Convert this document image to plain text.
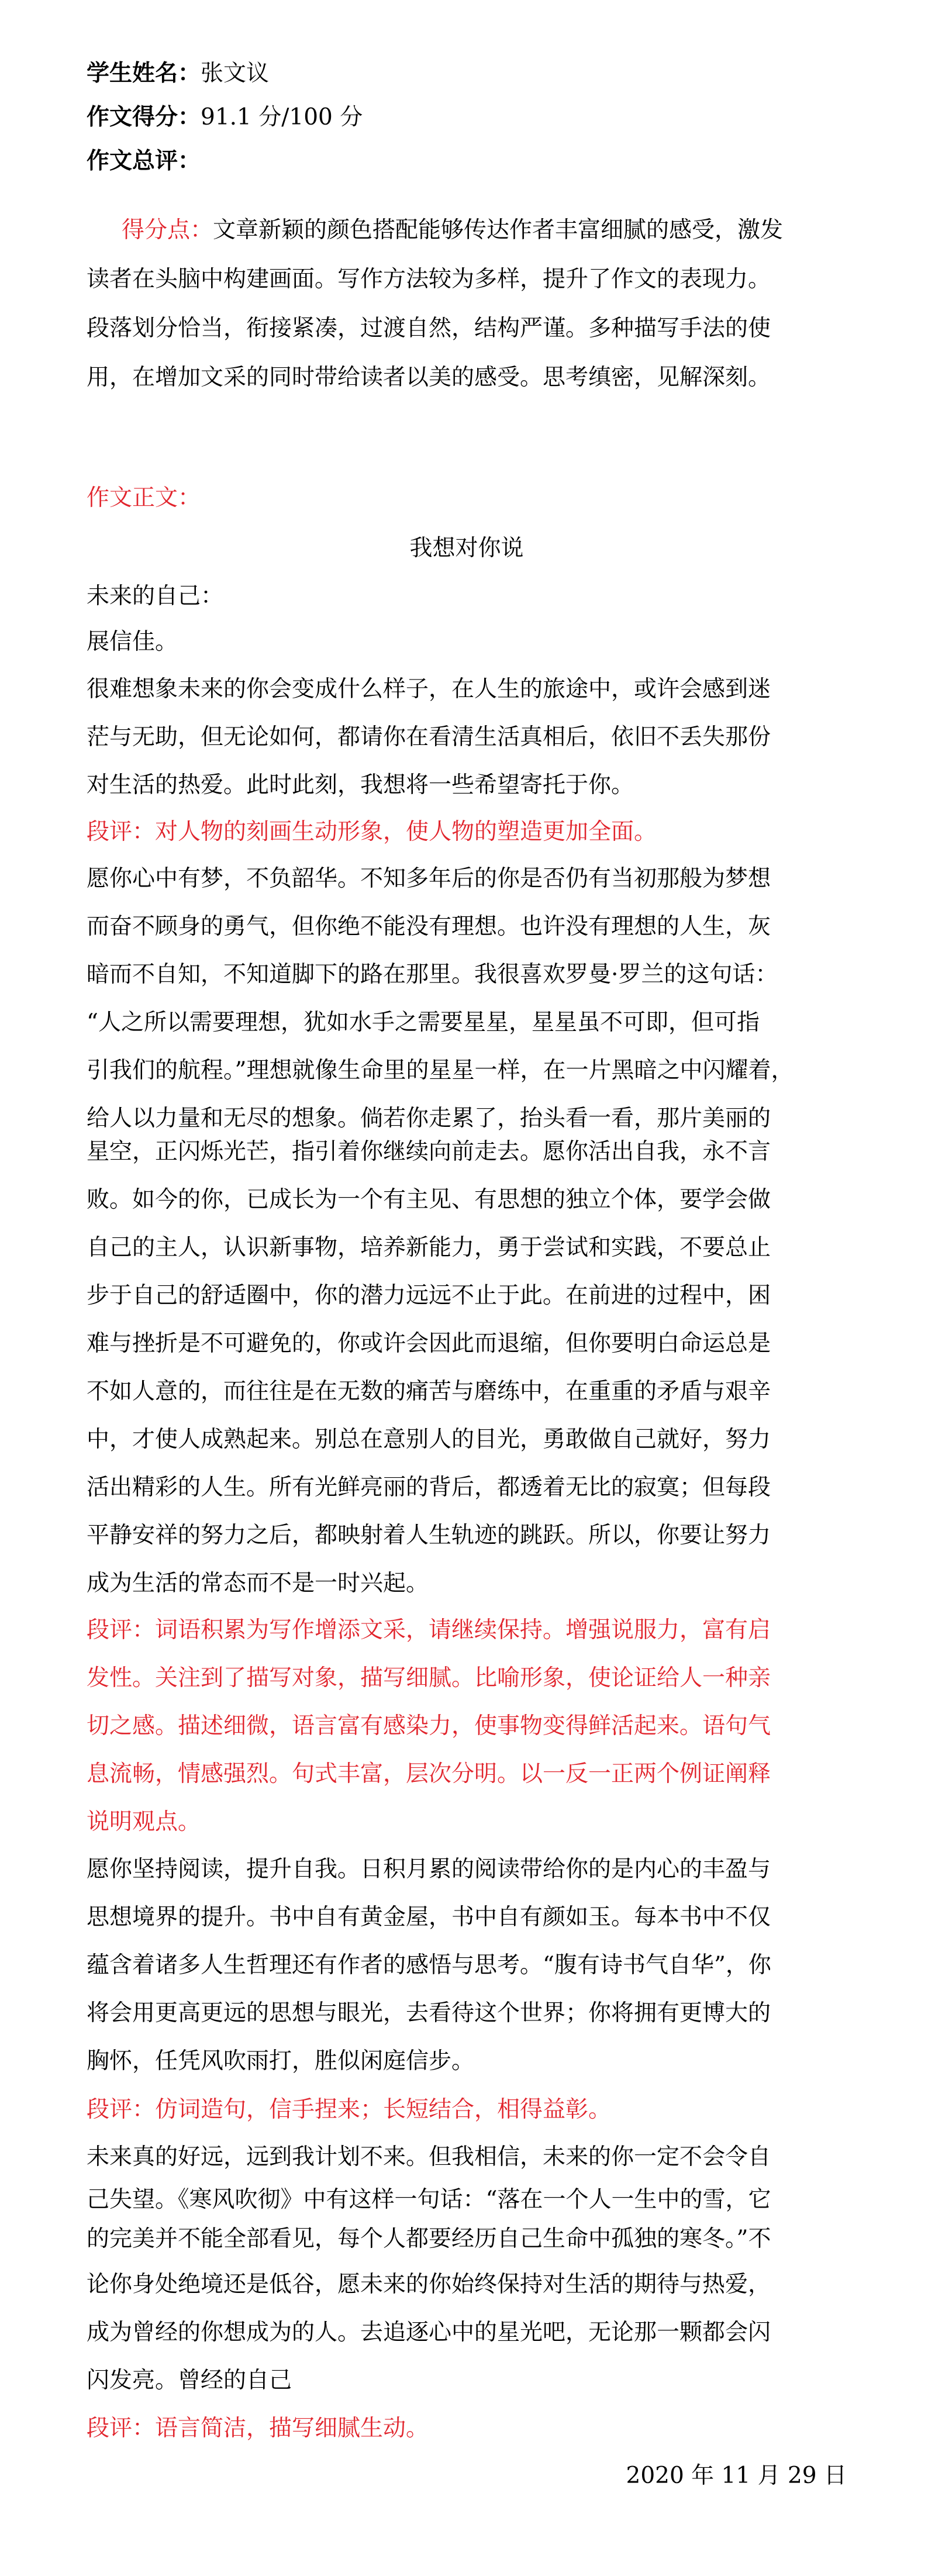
学生姓名：张文议
作文得分：91.1 分/100 分
作文总评：
得分点：文章新颖的颜色搭配能够传达作者丰富细腻的感受，激发
读者在头脑中构建画面。写作方法较为多样，提升了作文的表现力。
段落划分恰当，衔接紧凑，过渡自然，结构严谨。多种描写手法的使
用，在增加文采的同时带给读者以美的感受。思考缜密，见解深刻。
作文正文：
我想对你说
未来的自己：
展信佳。
很难想象未来的你会变成什么样子，在人生的旅途中，或许会感到迷
茫与无助，但无论如何，都请你在看清生活真相后，依旧不丢失那份
对生活的热爱。此时此刻，我想将一些希望寄托于你。
段评：对人物的刻画生动形象，使人物的塑造更加全面。
愿你心中有梦，不负韶华。不知多年后的你是否仍有当初那般为梦想
而奋不顾身的勇气，但你绝不能没有理想。也许没有理想的人生，灰
暗而不自知，不知道脚下的路在那里。我很喜欢罗曼·罗兰的这句话：
“人之所以需要理想，犹如水手之需要星星，星星虽不可即，但可指
引我们的航程。”理想就像生命里的星星一样，在一片黑暗之中闪耀着，
给人以力量和无尽的想象。倘若你走累了，抬头看一看，那片美丽的
星空，正闪烁光芒，指引着你继续向前走去。愿你活出自我，永不言
败。如今的你，已成长为一个有主见、有思想的独立个体，要学会做
自己的主人，认识新事物，培养新能力，勇于尝试和实践，不要总止
步于自己的舒适圈中，你的潜力远远不止于此。在前进的过程中，困
难与挫折是不可避免的，你或许会因此而退缩，但你要明白命运总是
不如人意的，而往往是在无数的痛苦与磨练中，在重重的矛盾与艰辛
中，才使人成熟起来。别总在意别人的目光，勇敢做自己就好，努力
活出精彩的人生。所有光鲜亮丽的背后，都透着无比的寂寞；但每段
平静安祥的努力之后，都映射着人生轨迹的跳跃。所以，你要让努力
成为生活的常态而不是一时兴起。
段评：词语积累为写作增添文采，请继续保持。增强说服力，富有启
发性。关注到了描写对象，描写细腻。比喻形象，使论证给人一种亲
切之感。描述细微，语言富有感染力，使事物变得鲜活起来。语句气
息流畅，情感强烈。句式丰富，层次分明。以一反一正两个例证阐释
说明观点。
愿你坚持阅读，提升自我。日积月累的阅读带给你的是内心的丰盈与
思想境界的提升。书中自有黄金屋，书中自有颜如玉。每本书中不仅
蕴含着诸多人生哲理还有作者的感悟与思考。“腹有诗书气自华”，你
将会用更高更远的思想与眼光，去看待这个世界；你将拥有更博大的
胸怀，任凭风吹雨打，胜似闲庭信步。
段评：仿词造句，信手捏来；长短结合，相得益彰。
未来真的好远，远到我计划不来。但我相信，未来的你一定不会令自
己失望。《寒风吹彻》中有这样一句话：“落在一个人一生中的雪，它
的完美并不能全部看见，每个人都要经历自己生命中孤独的寒冬。”不
论你身处绝境还是低谷，愿未来的你始终保持对生活的期待与热爱，
成为曾经的你想成为的人。去追逐心中的星光吧，无论那一颗都会闪
闪发亮。曾经的自己
段评：语言简洁，描写细腻生动。
2020 年 11 月 29 日
